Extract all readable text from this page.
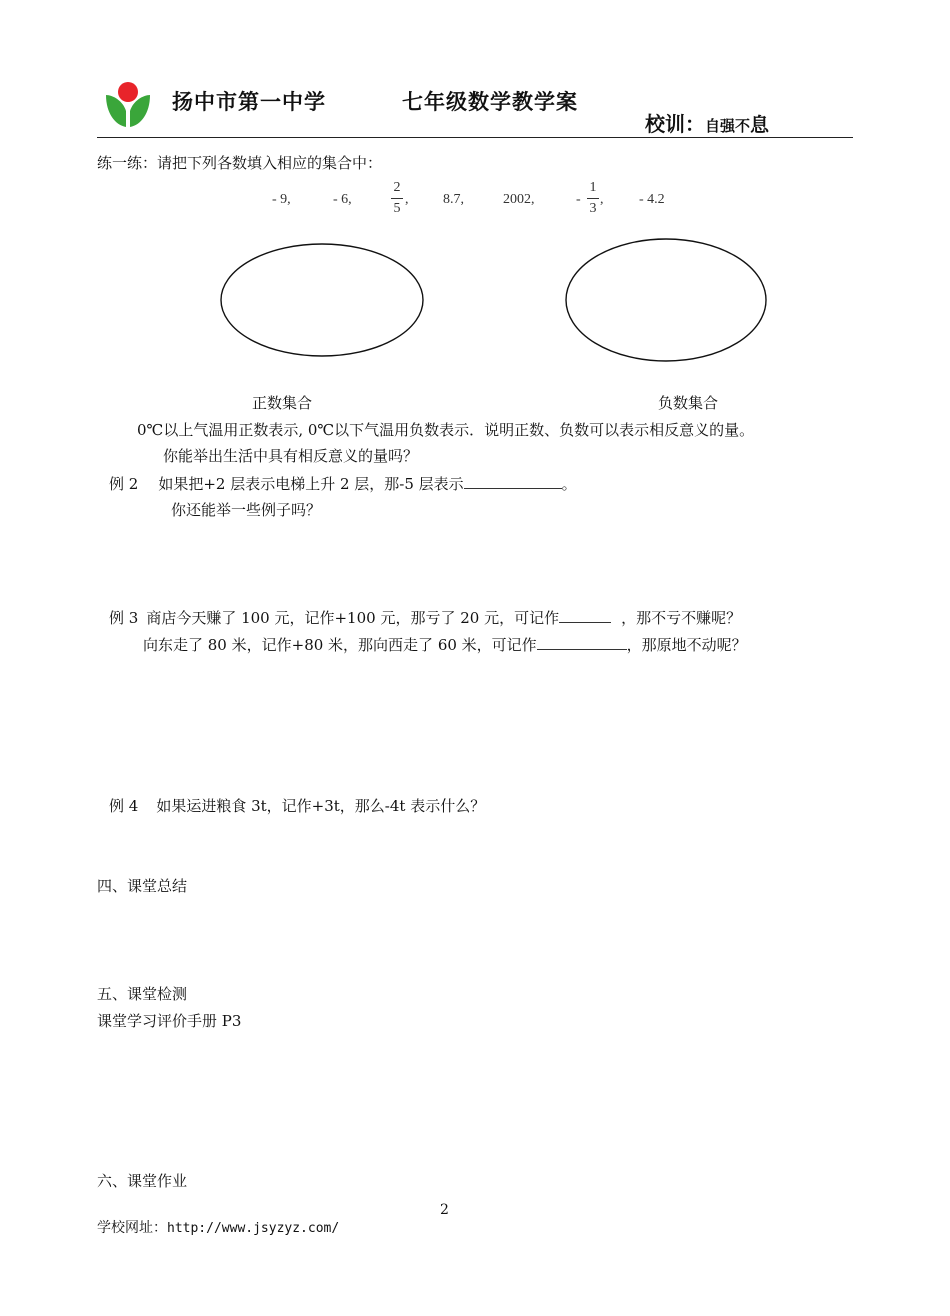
扬中市第一中学	七年级数学教学案
校训：自强不息
练一练：请把下列各数填入相应的集合中：
- 9,	- 6,
2
5
, 8.7,	2002,	-
1
3
,	- 4.2
正数集合	负数集合
0℃以上气温用正数表示, 0℃以下气温用负数表示．说明正数、负数可以表示相反意义的量。
你能举出生活中具有相反意义的量吗？
例 2 如果把+2 层表示电梯上升 2 层，那-5 层表示	。
你还能举一些例子吗？
例 3 商店今天赚了 100 元，记作+100 元，那亏了 20 元，可记作	，那不亏不赚呢？
向东走了 80 米，记作+80 米，那向西走了 60 米，可记作	，那原地不动呢？
例 4 如果运进粮食 3t，记作+3t，那么-4t 表示什么？
四、课堂总结
五、课堂检测
课堂学习评价手册 P3
六、课堂作业
2
学校网址：http://www.jsyzyz.com/
